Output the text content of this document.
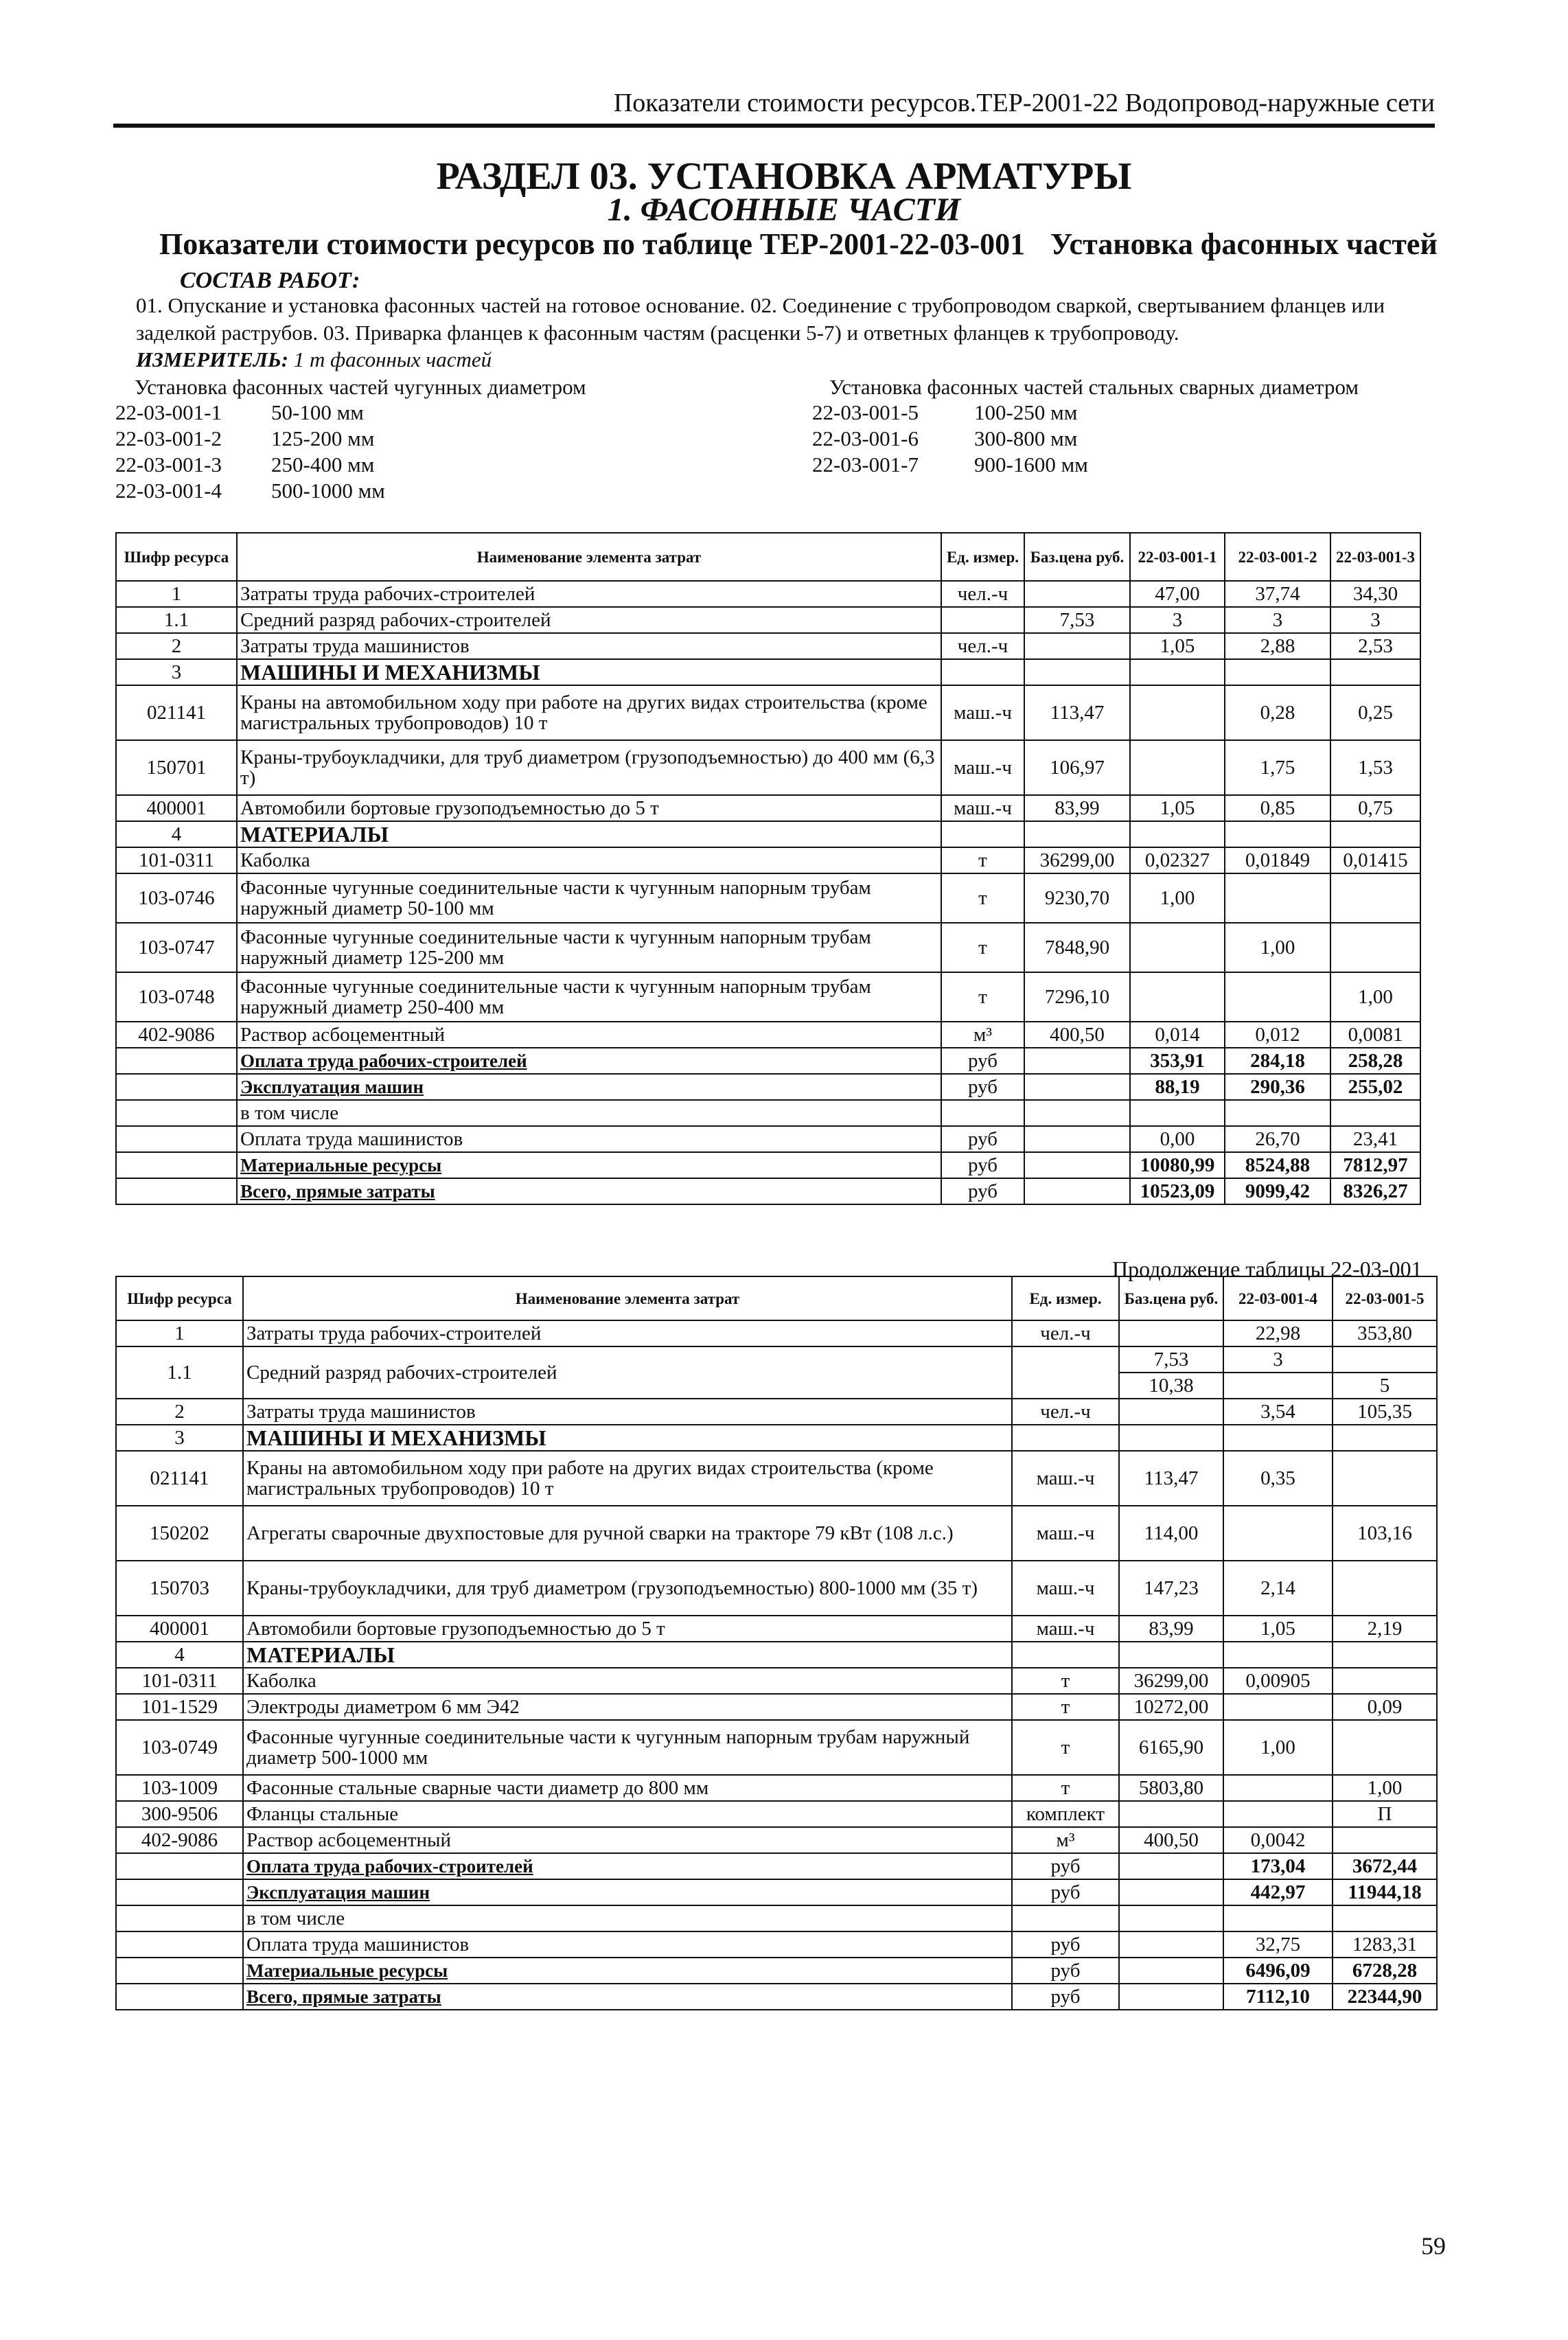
Показатели стоимости ресурсов.ТЕР-2001-22 Водопровод-наружные сети
РАЗДЕЛ 03. УСТАНОВКА АРМАТУРЫ
1. ФАСОННЫЕ ЧАСТИ
Показатели стоимости ресурсов по таблице ТЕР-2001-22-03-001 Установка фасонных частей
СОСТАВ РАБОТ:
01. Опускание и установка фасонных частей на готовое основание. 02. Соединение с трубопроводом сваркой, свертыванием фланцев или заделкой раструбов. 03. Приварка фланцев к фасонным частям (расценки 5-7) и ответных фланцев к трубопроводу.
ИЗМЕРИТЕЛЬ: 1 т фасонных частей
Установка фасонных частей чугунных диаметром	Установка фасонных частей стальных сварных диаметром
22-03-001-1 50-100 мм
22-03-001-2 125-200 мм
22-03-001-3 250-400 мм
22-03-001-4 500-1000 мм
22-03-001-5	100-250 мм
22-03-001-6	300-800 мм
22-03-001-7	900-1600 мм
Шифр ресурса	Наименование элемента затрат	Ед. измер.	Баз.цена руб.	22-03-001-1	22-03-001-2	22-03-001-3
1	Затраты труда рабочих-строителей	чел.-ч		47,00	37,74	34,30
1.1	Средний разряд рабочих-строителей		7,53	3	3	3
2	Затраты труда машинистов	чел.-ч		1,05	2,88	2,53
3	МАШИНЫ И МЕХАНИЗМЫ					
021141	Краны на автомобильном ходу при работе на других видах строительства (кроме магистральных трубопроводов) 10 т	маш.-ч	113,47		0,28	0,25
150701	Краны-трубоукладчики, для труб диаметром (грузоподъемностью) до 400 мм (6,3 т)	маш.-ч	106,97		1,75	1,53
400001	Автомобили бортовые грузоподъемностью до 5 т	маш.-ч	83,99	1,05	0,85	0,75
4	МАТЕРИАЛЫ					
101-0311	Каболка	т	36299,00	0,02327	0,01849	0,01415
103-0746	Фасонные чугунные соединительные части к чугунным напорным трубам наружный диаметр 50-100 мм	т	9230,70	1,00		
103-0747	Фасонные чугунные соединительные части к чугунным напорным трубам наружный диаметр 125-200 мм	т	7848,90		1,00	
103-0748	Фасонные чугунные соединительные части к чугунным напорным трубам наружный диаметр 250-400 мм	т	7296,10			1,00
402-9086	Раствор асбоцементный	м³	400,50	0,014	0,012	0,0081
	Оплата труда рабочих-строителей	руб		353,91	284,18	258,28
	Эксплуатация машин	руб		88,19	290,36	255,02
	в том числе					
	Оплата труда машинистов	руб		0,00	26,70	23,41
	Материальные ресурсы	руб		10080,99	8524,88	7812,97
	Всего, прямые затраты	руб		10523,09	9099,42	8326,27
Продолжение таблицы 22-03-001
Шифр ресурса	Наименование элемента затрат	Ед. измер.	Баз.цена руб.	22-03-001-4	22-03-001-5
1	Затраты труда рабочих-строителей	чел.-ч		22,98	353,80
1.1	Средний разряд рабочих-строителей		7,53	3	
			10,38		5
2	Затраты труда машинистов	чел.-ч		3,54	105,35
3	МАШИНЫ И МЕХАНИЗМЫ				
021141	Краны на автомобильном ходу при работе на других видах строительства (кроме магистральных трубопроводов) 10 т	маш.-ч	113,47	0,35	
150202	Агрегаты сварочные двухпостовые для ручной сварки на тракторе 79 кВт (108 л.с.)	маш.-ч	114,00		103,16
150703	Краны-трубоукладчики, для труб диаметром (грузоподъемностью) 800-1000 мм (35 т)	маш.-ч	147,23	2,14	
400001	Автомобили бортовые грузоподъемностью до 5 т	маш.-ч	83,99	1,05	2,19
4	МАТЕРИАЛЫ				
101-0311	Каболка	т	36299,00	0,00905	
101-1529	Электроды диаметром 6 мм Э42	т	10272,00		0,09
103-0749	Фасонные чугунные соединительные части к чугунным напорным трубам наружный диаметр 500-1000 мм	т	6165,90	1,00	
103-1009	Фасонные стальные сварные части диаметр до 800 мм	т	5803,80		1,00
300-9506	Фланцы стальные	комплект			П
402-9086	Раствор асбоцементный	м³	400,50	0,0042	
	Оплата труда рабочих-строителей	руб		173,04	3672,44
	Эксплуатация машин	руб		442,97	11944,18
	в том числе				
	Оплата труда машинистов	руб		32,75	1283,31
	Материальные ресурсы	руб		6496,09	6728,28
	Всего, прямые затраты	руб		7112,10	22344,90
59
